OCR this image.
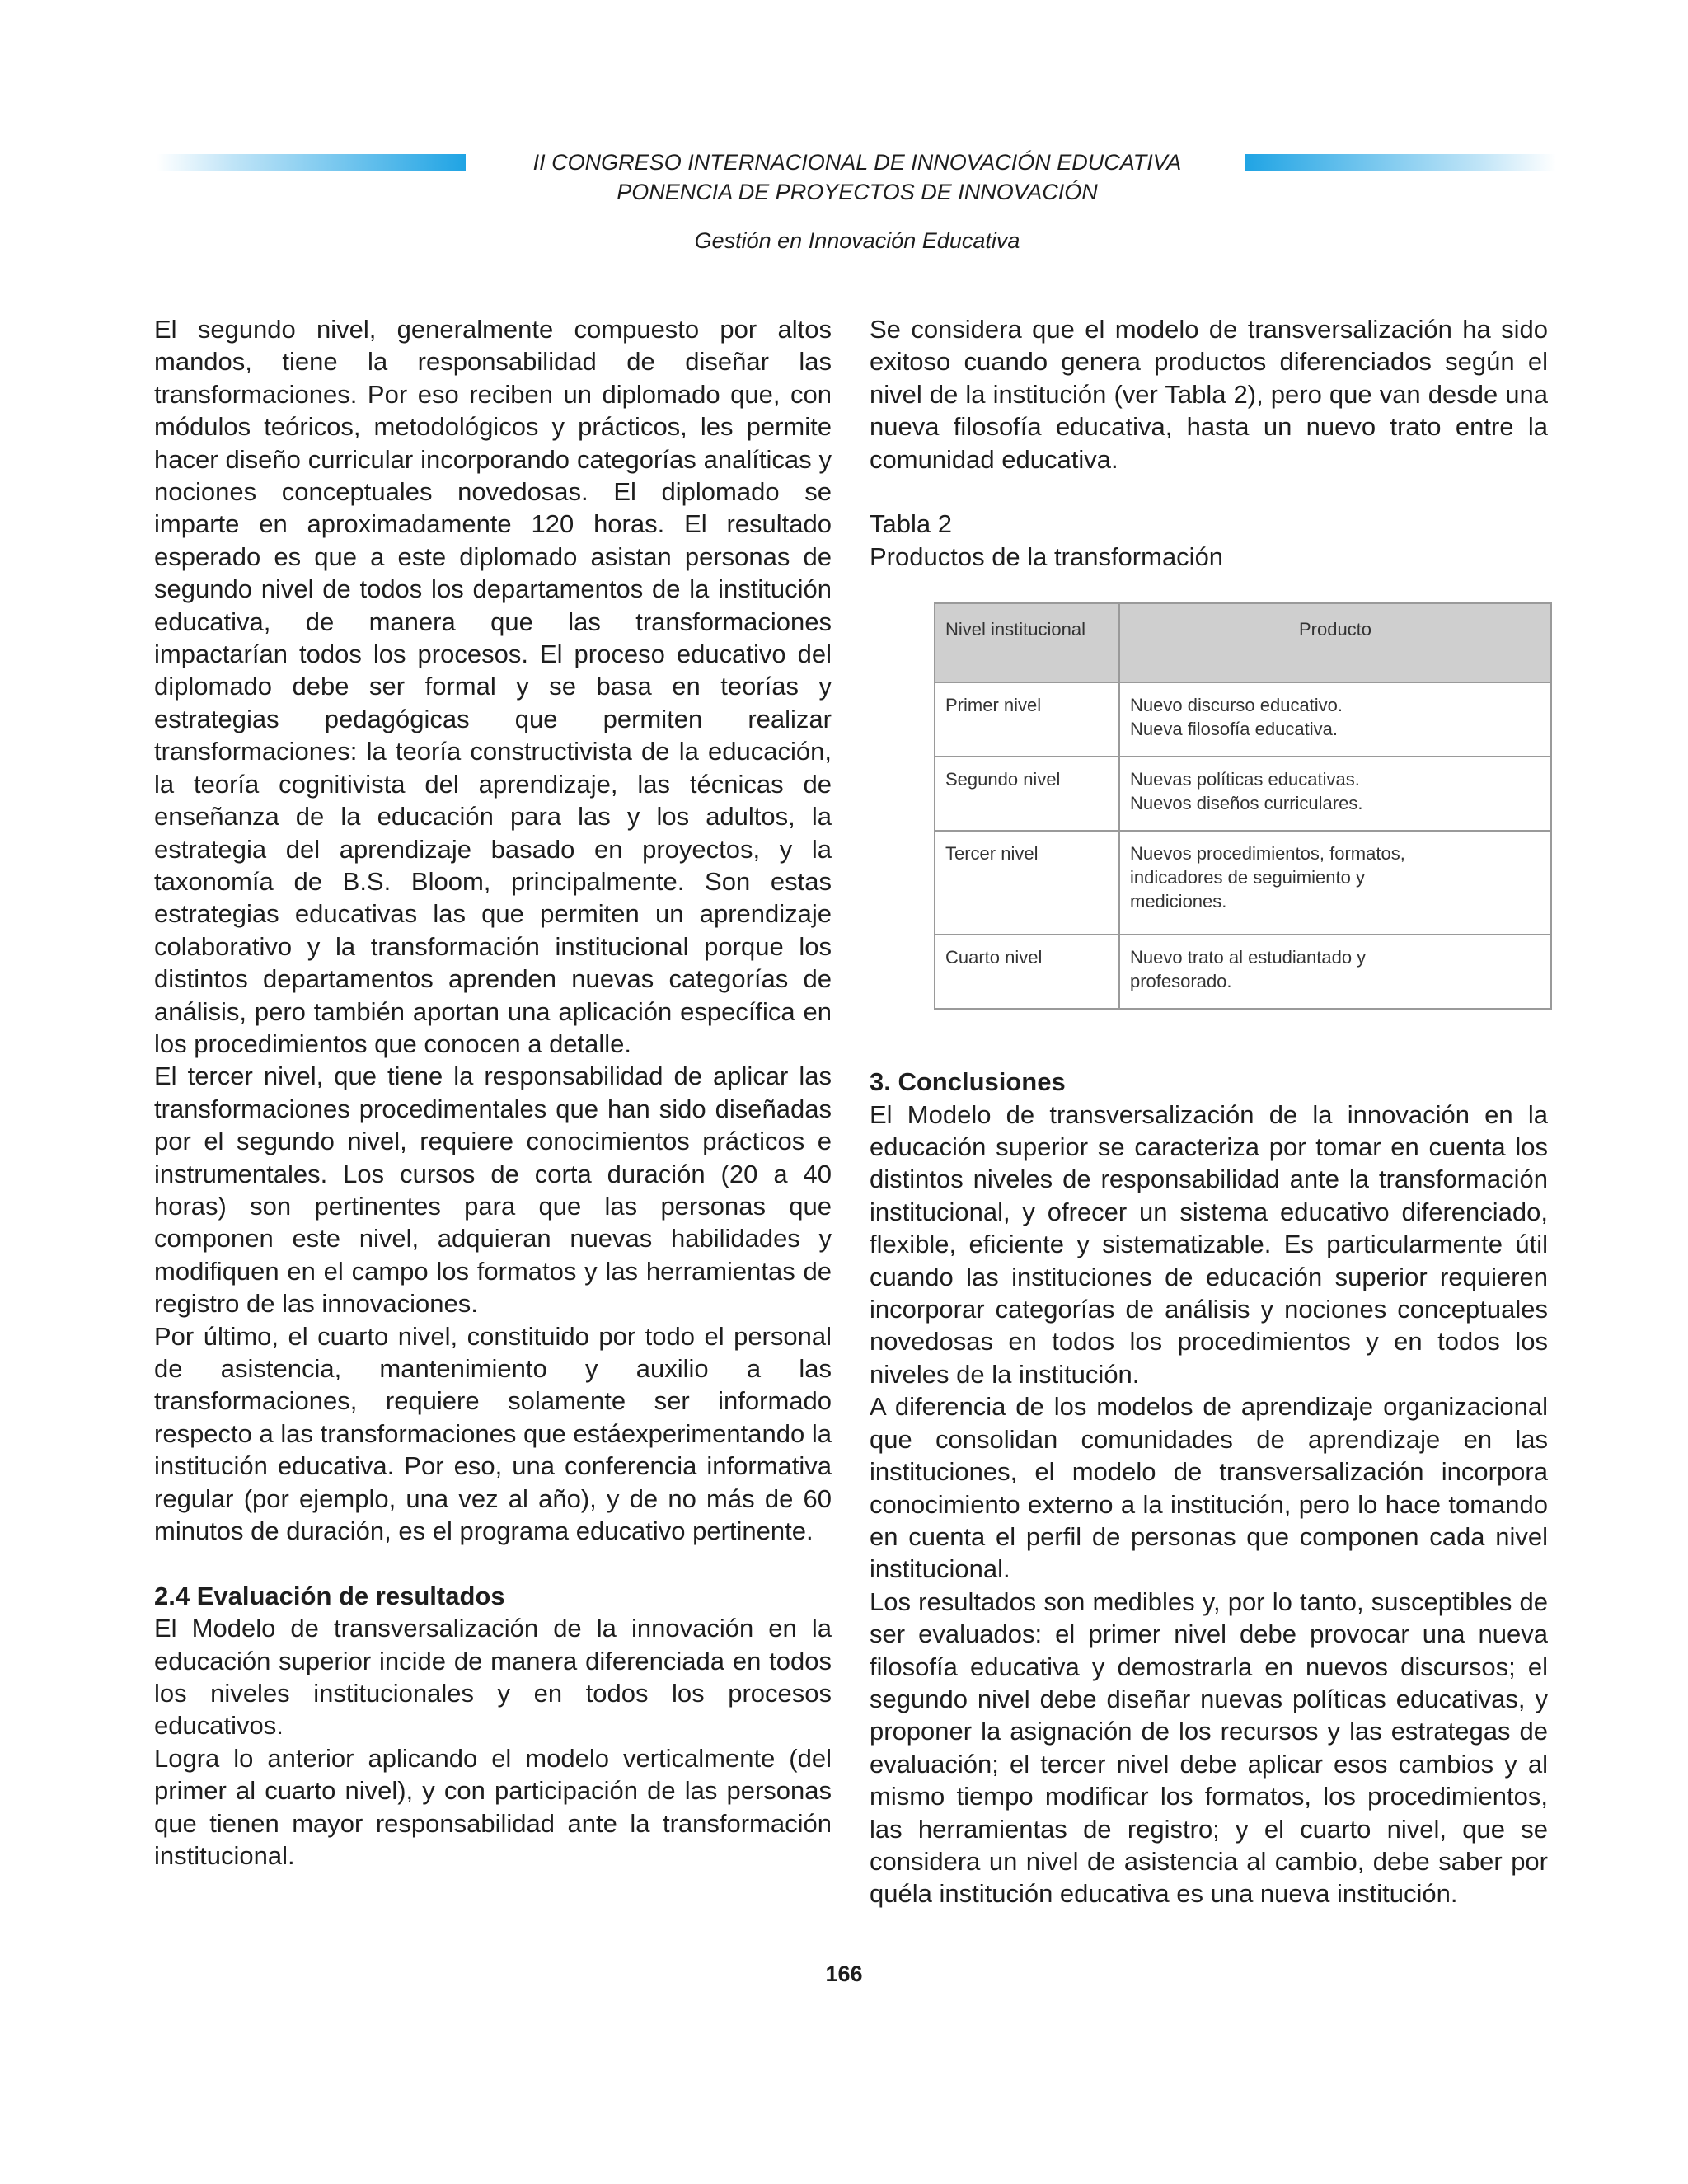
II CONGRESO INTERNACIONAL DE INNOVACIÓN EDUCATIVA
PONENCIA DE PROYECTOS DE INNOVACIÓN
Gestión en Innovación Educativa

El segundo nivel, generalmente compuesto por altos mandos, tiene la responsabilidad de diseñar las transformaciones. Por eso reciben un diplomado que, con módulos teóricos, metodológicos y prácticos, les permite hacer diseño curricular incorporando categorías analíticas y nociones conceptuales novedosas. El diplomado se imparte en aproximadamente 120 horas. El resultado esperado es que a este diplomado asistan personas de segundo nivel de todos los departamentos de la institución educativa, de manera que las transformaciones impactarían todos los procesos. El proceso educativo del diplomado debe ser formal y se basa en teorías y estrategias pedagógicas que permiten realizar transformaciones: la teoría constructivista de la educación, la teoría cognitivista del aprendizaje, las técnicas de enseñanza de la educación para las y los adultos, la estrategia del aprendizaje basado en proyectos, y la taxonomía de B.S. Bloom, principalmente. Son estas estrategias educativas las que permiten un aprendizaje colaborativo y la transformación institucional porque los distintos departamentos aprenden nuevas categorías de análisis, pero también aportan una aplicación específica en los procedimientos que conocen a detalle.

El tercer nivel, que tiene la responsabilidad de aplicar las transformaciones procedimentales que han sido diseñadas por el segundo nivel, requiere conocimientos prácticos e instrumentales. Los cursos de corta duración (20 a 40 horas) son pertinentes para que las personas que componen este nivel, adquieran nuevas habilidades y modifiquen en el campo los formatos y las herramientas de registro de las innovaciones.

Por último, el cuarto nivel, constituido por todo el personal de asistencia, mantenimiento y auxilio a las transformaciones, requiere solamente ser informado respecto a las transformaciones que estáexperimentando la institución educativa. Por eso, una conferencia informativa regular (por ejemplo, una vez al año), y de no más de 60 minutos de duración, es el programa educativo pertinente.

2.4 Evaluación de resultados

El Modelo de transversalización de la innovación en la educación superior incide de manera diferenciada en todos los niveles institucionales y en todos los procesos educativos.

Logra lo anterior aplicando el modelo verticalmente (del primer al cuarto nivel), y con participación de las personas que tienen mayor responsabilidad ante la transformación institucional.

Se considera que el modelo de transversalización ha sido exitoso cuando genera productos diferenciados según el nivel de la institución (ver Tabla 2), pero que van desde una nueva filosofía educativa, hasta un nuevo trato entre la comunidad educativa.

Tabla 2
Productos de la transformación
Nivel institucional	Producto
Primer nivel	Nuevo discurso educativo.
Nueva filosofía educativa.
Segundo nivel	Nuevas políticas educativas.
Nuevos diseños curriculares.
Tercer nivel	Nuevos procedimientos, formatos,
indicadores de seguimiento y
mediciones.
Cuarto nivel	Nuevo trato al estudiantado y
profesorado.
3. Conclusiones

El Modelo de transversalización de la innovación en la educación superior se caracteriza por tomar en cuenta los distintos niveles de responsabilidad ante la transformación institucional, y ofrecer un sistema educativo diferenciado, flexible, eficiente y sistematizable. Es particularmente útil cuando las instituciones de educación superior requieren incorporar categorías de análisis y nociones conceptuales novedosas en todos los procedimientos y en todos los niveles de la institución.

A diferencia de los modelos de aprendizaje organizacional que consolidan comunidades de aprendizaje en las instituciones, el modelo de transversalización incorpora conocimiento externo a la institución, pero lo hace tomando en cuenta el perfil de personas que componen cada nivel institucional.

Los resultados son medibles y, por lo tanto, susceptibles de ser evaluados: el primer nivel debe provocar una nueva filosofía educativa y demostrarla en nuevos discursos; el segundo nivel debe diseñar nuevas políticas educativas, y proponer la asignación de los recursos y las estrategas de evaluación; el tercer nivel debe aplicar esos cambios y al mismo tiempo modificar los formatos, los procedimientos, las herramientas de registro; y el cuarto nivel, que se considera un nivel de asistencia al cambio, debe saber por quéla institución educativa es una nueva institución.

166
